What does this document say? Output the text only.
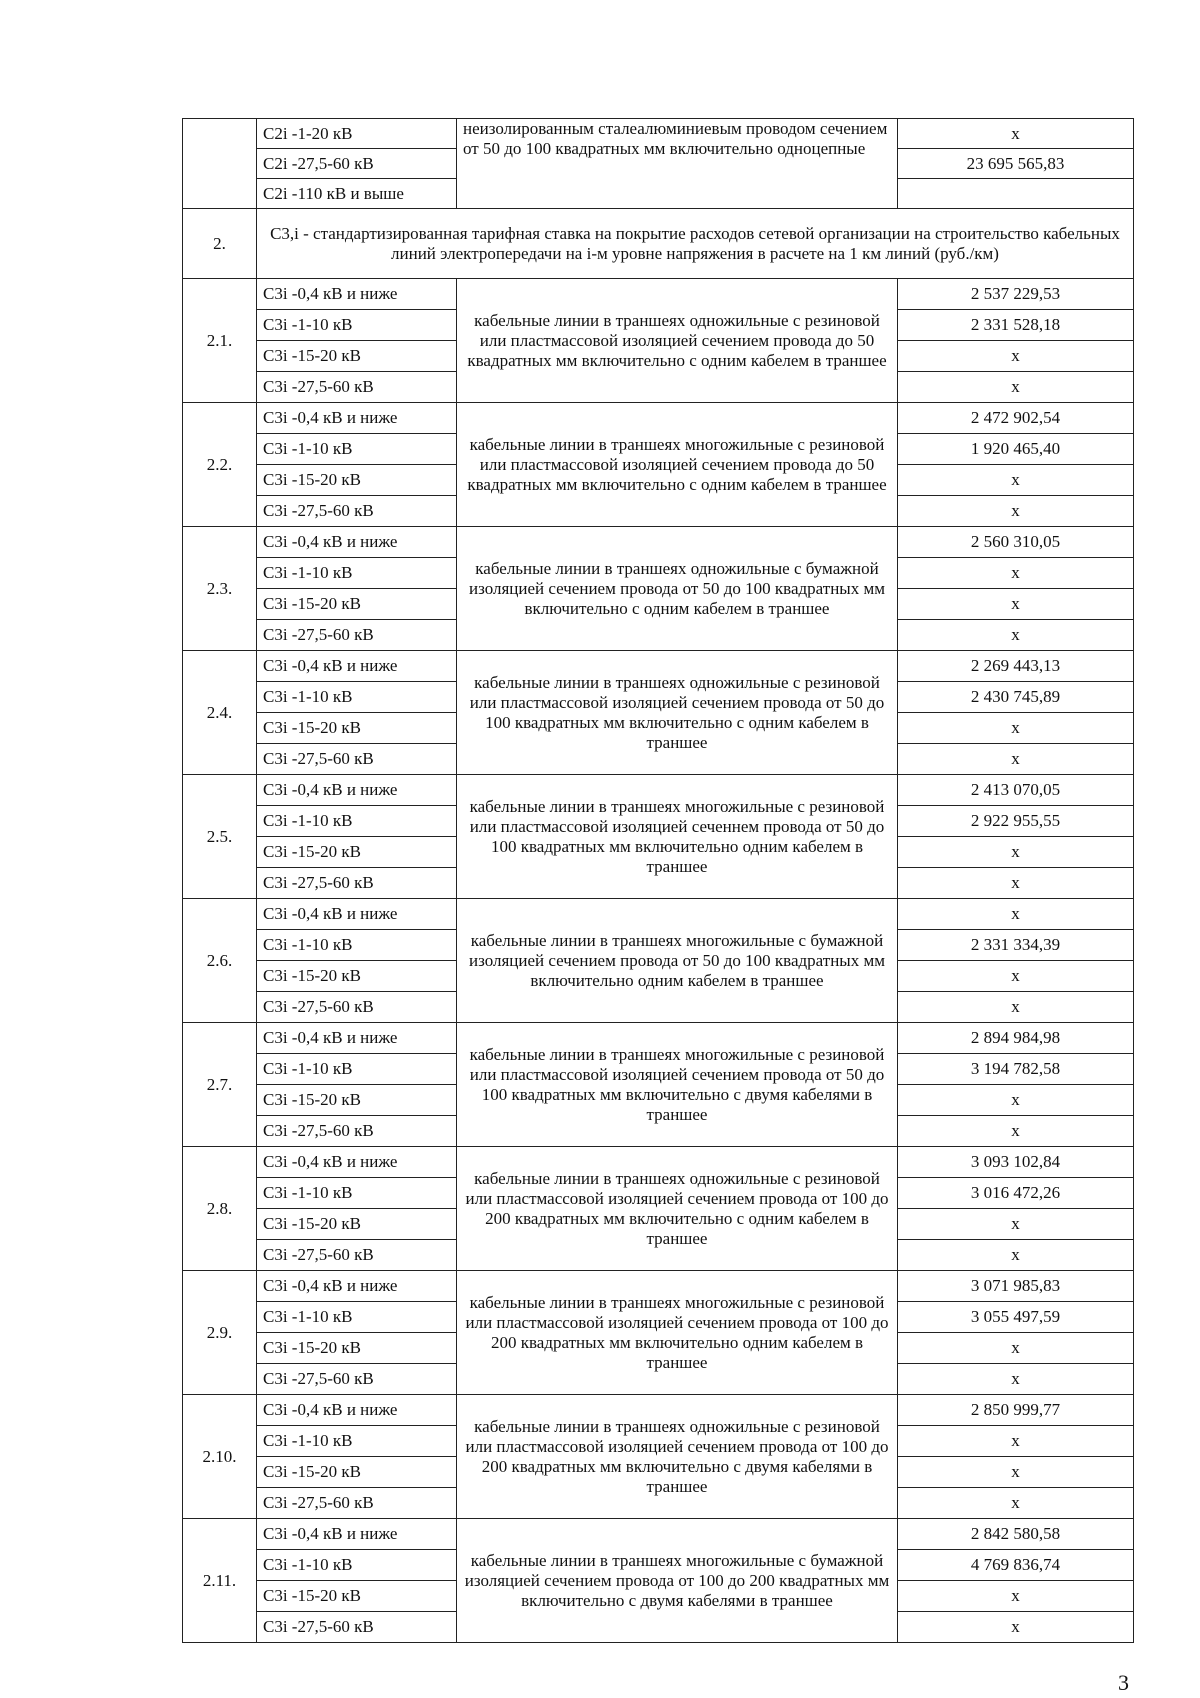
	С2i -1-20 кВ	неизолированным сталеалюминиевым проводом сечением от 50 до 100 квадратных мм включительно одноцепные	x
	С2i -27,5-60 кВ		23 695 565,83
	С2i -110 кВ и выше		
2.	С3,i - стандартизированная тарифная ставка на покрытие расходов сетевой организации на строительство кабельных линий электропередачи на i-м уровне напряжения в расчете на 1 км линий (руб./км)		
2.1.	С3i -0,4 кВ и ниже	кабельные линии в траншеях одножильные с резиновой или пластмассовой изоляцией сечением провода до 50 квадратных мм включительно с одним кабелем в траншее	2 537 229,53
	С3i -1-10 кВ		2 331 528,18
	С3i -15-20 кВ		x
	С3i -27,5-60 кВ		x
2.2.	С3i -0,4 кВ и ниже	кабельные линии в траншеях многожильные с резиновой или пластмассовой изоляцией сечением провода до 50 квадратных мм включительно с одним кабелем в траншее	2 472 902,54
	С3i -1-10 кВ		1 920 465,40
	С3i -15-20 кВ		x
	С3i -27,5-60 кВ		x
2.3.	С3i -0,4 кВ и ниже	кабельные линии в траншеях одножильные с бумажной изоляцией сечением провода от 50 до 100 квадратных мм включительно с одним кабелем в траншее	2 560 310,05
	С3i -1-10 кВ		x
	С3i -15-20 кВ		x
	С3i -27,5-60 кВ		x
2.4.	С3i -0,4 кВ и ниже	кабельные линии в траншеях одножильные с резиновой или пластмассовой изоляцией сечением провода от 50 до 100 квадратных мм включительно с одним кабелем в траншее	2 269 443,13
	С3i -1-10 кВ		2 430 745,89
	С3i -15-20 кВ		x
	С3i -27,5-60 кВ		x
2.5.	С3i -0,4 кВ и ниже	кабельные линии в траншеях многожильные с резиновой или пластмассовой изоляцией сеченнем провода от 50 до 100 квадратных мм включительно одним кабелем в траншее	2 413 070,05
	С3i -1-10 кВ		2 922 955,55
	С3i -15-20 кВ		x
	С3i -27,5-60 кВ		x
2.6.	С3i -0,4 кВ и ниже	кабельные линии в траншеях многожильные с бумажной изоляцией сечением провода от 50 до 100 квадратных мм включительно одним кабелем в траншее	x
	С3i -1-10 кВ		2 331 334,39
	С3i -15-20 кВ		x
	С3i -27,5-60 кВ		x
2.7.	С3i -0,4 кВ и ниже	кабельные линии в траншеях многожильные с резиновой или пластмассовой изоляцией сечением провода от 50 до 100 квадратных мм включительно с двумя кабелями в траншее	2 894 984,98
	С3i -1-10 кВ		3 194 782,58
	С3i -15-20 кВ		x
	С3i -27,5-60 кВ		x
2.8.	С3i -0,4 кВ и ниже	кабельные линии в траншеях одножильные с резиновой или пластмассовой изоляцией сечением провода от 100 до 200 квадратных мм включительно с одним кабелем в траншее	3 093 102,84
	С3i -1-10 кВ		3 016 472,26
	С3i -15-20 кВ		x
	С3i -27,5-60 кВ		x
2.9.	С3i -0,4 кВ и ниже	кабельные линии в траншеях многожильные с резиновой или пластмассовой изоляцией сечением провода от 100 до 200 квадратных мм включительно одним кабелем в траншее	3 071 985,83
	С3i -1-10 кВ		3 055 497,59
	С3i -15-20 кВ		x
	С3i -27,5-60 кВ		x
2.10.	С3i -0,4 кВ и ниже	кабельные линии в траншеях одножильные с резиновой или пластмассовой изоляцией сечением провода от 100 до 200 квадратных мм включительно с двумя кабелями в траншее	2 850 999,77
	С3i -1-10 кВ		x
	С3i -15-20 кВ		x
	С3i -27,5-60 кВ		x
2.11.	С3i -0,4 кВ и ниже	кабельные линии в траншеях многожильные с бумажной изоляцией сечением провода от 100 до 200 квадратных мм включительно с двумя кабелями в траншее	2 842 580,58
	С3i -1-10 кВ		4 769 836,74
	С3i -15-20 кВ		x
	С3i -27,5-60 кВ		x
3
